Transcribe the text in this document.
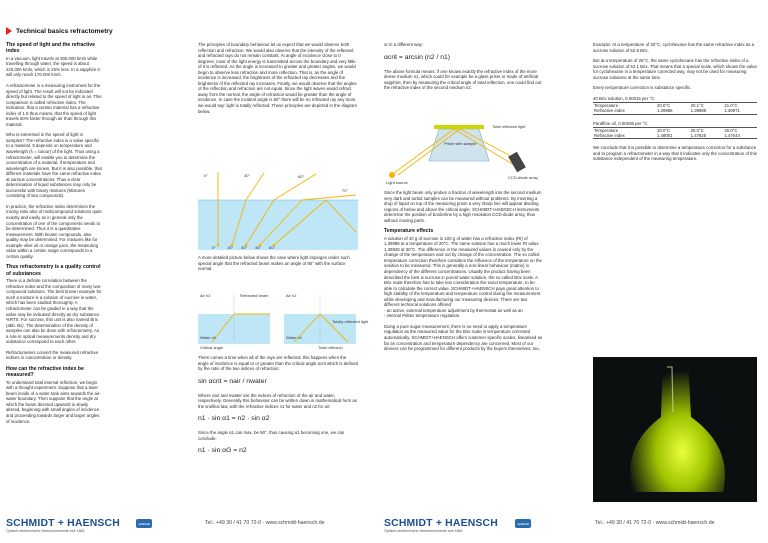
Technical basics refractometry
The speed of light and the refractive index

In a vacuum, light travels at 300.000 km/s while travelling through water, the speed is about 225.000 km/s, which is 25% less. In a sapphire it will only reach 170.000 km/s.

A refractometer is a measuring instrument for the speed of light. The result will not be indicated directly but related to the speed of light in air. This comparison is called refractive index. The indication, that a certain material has a refractive index of 1.5 thus means, that the speed of light travels 50% faster through air than through this material.

Who is interested in the speed of light in samples? The refractive index is a value specific to a material. It depends on temperature and wavelength (λ = colour) of the light. Thus using a refractometer, will enable you to determine the concentration of a material, if temperature and wavelength are known. But it is also possible, that different materials have the same refractive index at various concentrations. Thus a clear determination of liquid substances may only be successful with binary mixtures (Mixtures consisting of two compounds).

In practice, the refractive index determines the mixing ratio also of multicompound solutions quite exactly and easily as in general only the concentration of one of the components needs to be determined. Thus it is a quantitative measurement. With known compounds, also quality may be determined. For mixtures like for example olive oil or orange juice, the measuring value within a certain range corresponds to a certain quality.

Thus refractometry is a quality control of substances

There is a definite correlation between the refractive index and the composition of many two-compound solutions. The best known example for such a mixture is a solution of sucrose in water, which has been studied thoroughly. A refractometer can be graded in a way that the value may be indicated directly as dry substance %RTS. For sucrose, this unit is also named Brix (abb. Bx). The determination of the density of samples can also be done with refractometry. As a rule in optical measurements density and dry substance correspond to each other.

Refractometers convert the measured refractive indices in concentration or density.

How can the refractive index be measured?

To understand total internal reflection, we begin with a thought experiment. Suppose that a laser beam inside of a water tank aims towards the air-water boundary. Then suppose that the angle at which the beam directed upwards is slowly altered, beginning with small angles of incidence and proceeding towards larger and larger angles of incidence.

The principles of boundary behaviour let us expect that we would observe both reflection and refraction. We would also observe that the intensity of the reflected and refracted rays do not remain constant. At angle of incidence close to 0 degrees, most of the light energy is transmitted across the boundary and very little of it is reflected. As the angle is increased to greater and greater angles, we would begin to observe less refraction and more reflection. That is, as the angle of incidence is increased, the brightness of the refracted ray decreases and the brightness of the reflected ray increases. Finally, we would observe that the angles of the reflection and refraction are not equal. Since the light waves would refract away from the normal, the angle of refraction would be greater than the angle of incidence. In case the incident angle is 60° there will be no refracted ray any more, we would say: light is totally reflected. These principles are depicted in the diagram below.

0°	30°	60°
70°
0°	15° 30° 45° 60°

A more detailed picture below shows the case where light impinges under such special angle that the refracted beam makes an angle of 90° with the surface normal.

Air n2	Refracted beam
Water n1
Air n2
Water n1
Totally reflected light
Critical angle	Total reflexion

There comes a time when all of the rays are reflected, this happens when the angle of incidence is equal to or greater than the critical angle αcrit which is defined by the ratio of the two indices of refraction:

sin αcrit = nair / nwater

Where nair and nwater are the indices of refraction of the air and water, respectively. Generally this behaviour can be written down in mathematical form as the snellius law, with the refractive indices n1 for water and n2 for air:

n1 · sin α1 = n2 · sin α2

Since the angle α1 can max. be 90°, thus causing α1 becoming one, we can conclude:

n1 · sin αG = n2

or in a different way:

αcrit = arcsin (n2 / n1)

The above formula means: if one knows exactly the refractive index of the more dense medium n1, which could for example be a glass prism or made of artificial sapphire, then by measuring the critical angle of total reflection, one could find out the refractive index of the second medium n2.

Total reflected light
Prism with sample
CCD-diode array
Light source

Since the light beam only probes a fraction of wavelength into the second medium very dark and turbid samples can be measured without problems. By inserting a drop of liquid on top of the measuring prism a very sharp line will appear dividing regions of below and above the critical angle. SCHMIDT+HAENSCH instruments determine the position of borderline by a high resolution CCD-diode array, thus without moving parts.

Temperature effects

A solution of 40 g of sucrose in 100 g of water has a refractive index (RI) of 1.39986 at a temperature of 20°C. The same solution has a much lower RI value 1.39828 at 30°C. The difference in the measured values is caused only by the change of the temperature and not by change of the concentration. The so called temperature correction therefore considers the influence of the temperature on the solution to be measured. This is generally a non-linear behaviour (matrix) in dependency of the different concentrations. Usually the product having been described the best is sucrose in purest water solution, the so called Brix scale. A Brix scale therefore has to take into consideration the exact temperature, to be able to calculate the correct value. SCHMIDT+HAENSCH pays great attention to high stability of the temperature and temperature control during the measurement while developing and manufacturing our measuring devices. There are two different technical solutions offered:

- an active, external temperature adjustment by thermostat as well as an
- internal Peltier temperature regulation.

Doing a pure sugar measurement, there is no need to apply a temperature regulation as the measured value for the Brix scale is temperature corrected automatically. SCHMIDT+HAENSCH offers customer specific scales, linearised as far as concentration and temperature dependency are concerned. Most of our devices can be programmed for different products by the buyers themselves, too.

Example: At a temperature of 20°C, cyclohexane has the same refractive index as a sucrose solution of 52.9 Brix.

But at a temperature of 25°C, the same cyclohexane has the refractive index of a sucrose solution of 52.1 Brix. That means that a special scale, which shows the value for cyclohexane in a temperature corrected way, may not be used for measuring sucrose solutions at the same time.

Every temperature correction is substance specific.

40 Brix solution, 0.00015 per °C
Temperature	20.0°C	20.1°C	21.0°C
Refractive index	1.39986	1.39985	1.39971
Paraffine oil, 0.00036 per °C
Temperature	20.0°C	25.0°C	30.0°C
Refractive index	1.48001	1.47825	1.47644

We conclude that it is possible to determine a temperature correction for a substance and to program a refractometer in a way that it indicates only the concentration of this substance independent of the measuring temperature.

SCHMIDT + HAENSCH
Optisch-elektronische Messinstrumente seit 1864
schmidt	Tel.: +49 30 / 41 70 72-0 · www.schmidt-haensch.de	SCHMIDT + HAENSCH
Optisch-elektronische Messinstrumente seit 1864
schmidt	Tel.: +49 30 / 41 70 72-0 · www.schmidt-haensch.de
